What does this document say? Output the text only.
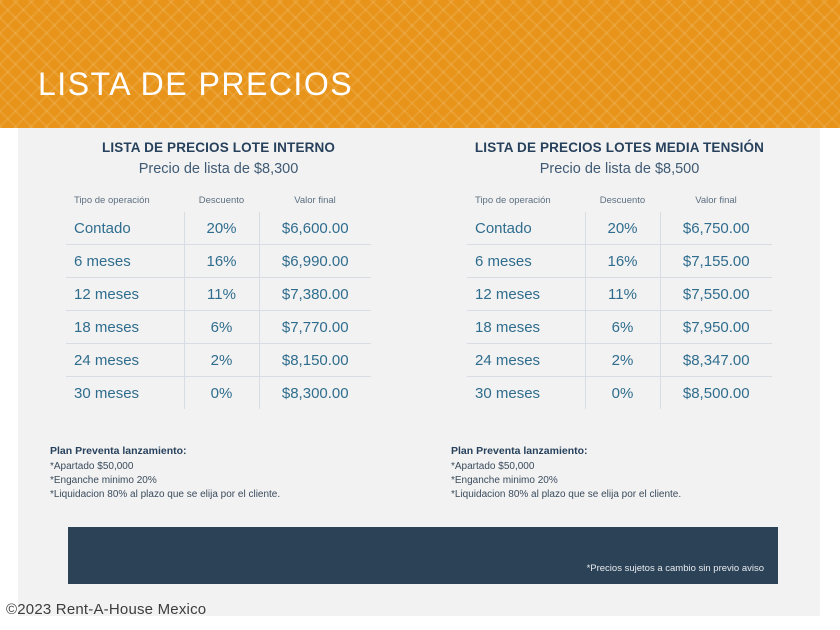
LISTA DE PRECIOS
LISTA DE PRECIOS LOTE INTERNO
Precio de lista de $8,300
Tipo de operación	Descuento	Valor final
Contado	20%	$6,600.00
6 meses	16%	$6,990.00
12 meses	11%	$7,380.00
18 meses	6%	$7,770.00
24 meses	2%	$8,150.00
30 meses	0%	$8,300.00
Plan Preventa lanzamiento:
*Apartado $50,000
*Enganche minimo 20%
*Liquidacion 80% al plazo que se elija por el cliente.
LISTA DE PRECIOS LOTES MEDIA TENSIÓN
Precio de lista de $8,500
Tipo de operación	Descuento	Valor final
Contado	20%	$6,750.00
6 meses	16%	$7,155.00
12 meses	11%	$7,550.00
18 meses	6%	$7,950.00
24 meses	2%	$8,347.00
30 meses	0%	$8,500.00
Plan Preventa lanzamiento:
*Apartado $50,000
*Enganche minimo 20%
*Liquidacion 80% al plazo que se elija por el cliente.
*Precios sujetos a cambio sin previo aviso
©2023 Rent-A-House Mexico
